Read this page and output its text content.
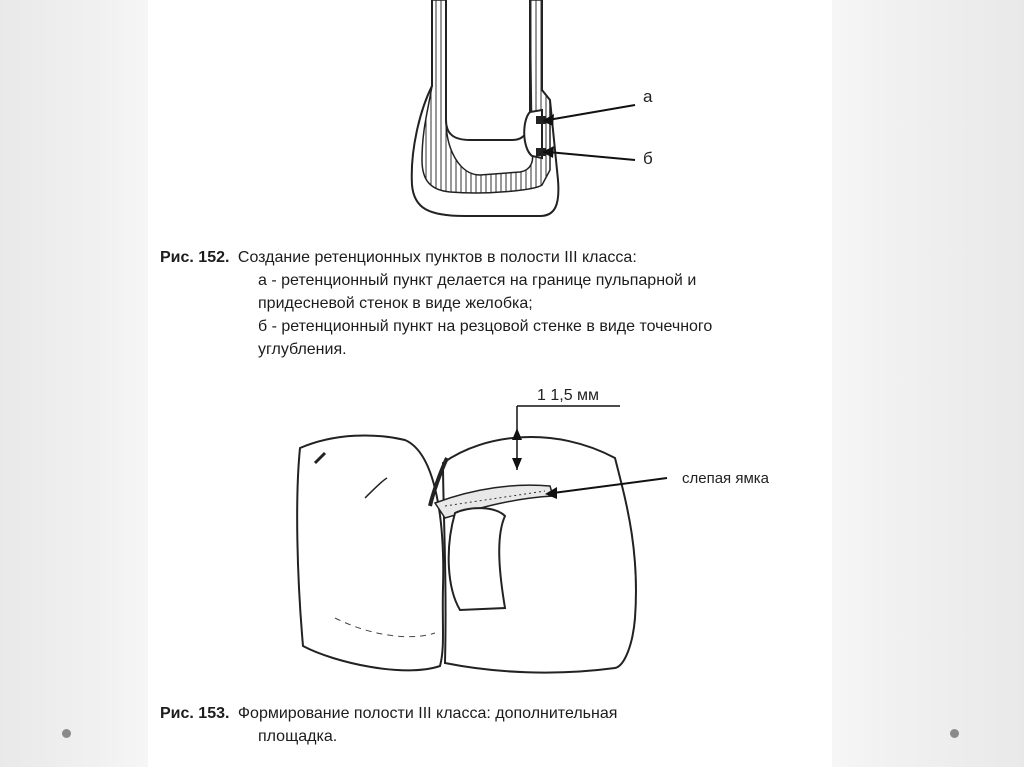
а
б
Рис. 152. Создание ретенционных пунктов в полости III класса:
а - ретенционный пункт делается на границе пульпарной и
придесневой стенок в виде желобка;
б - ретенционный пункт на резцовой стенке в виде точечного
углубления.
1 1,5 мм
слепая ямка
Рис. 153. Формирование полости III класса: дополнительная
площадка.
